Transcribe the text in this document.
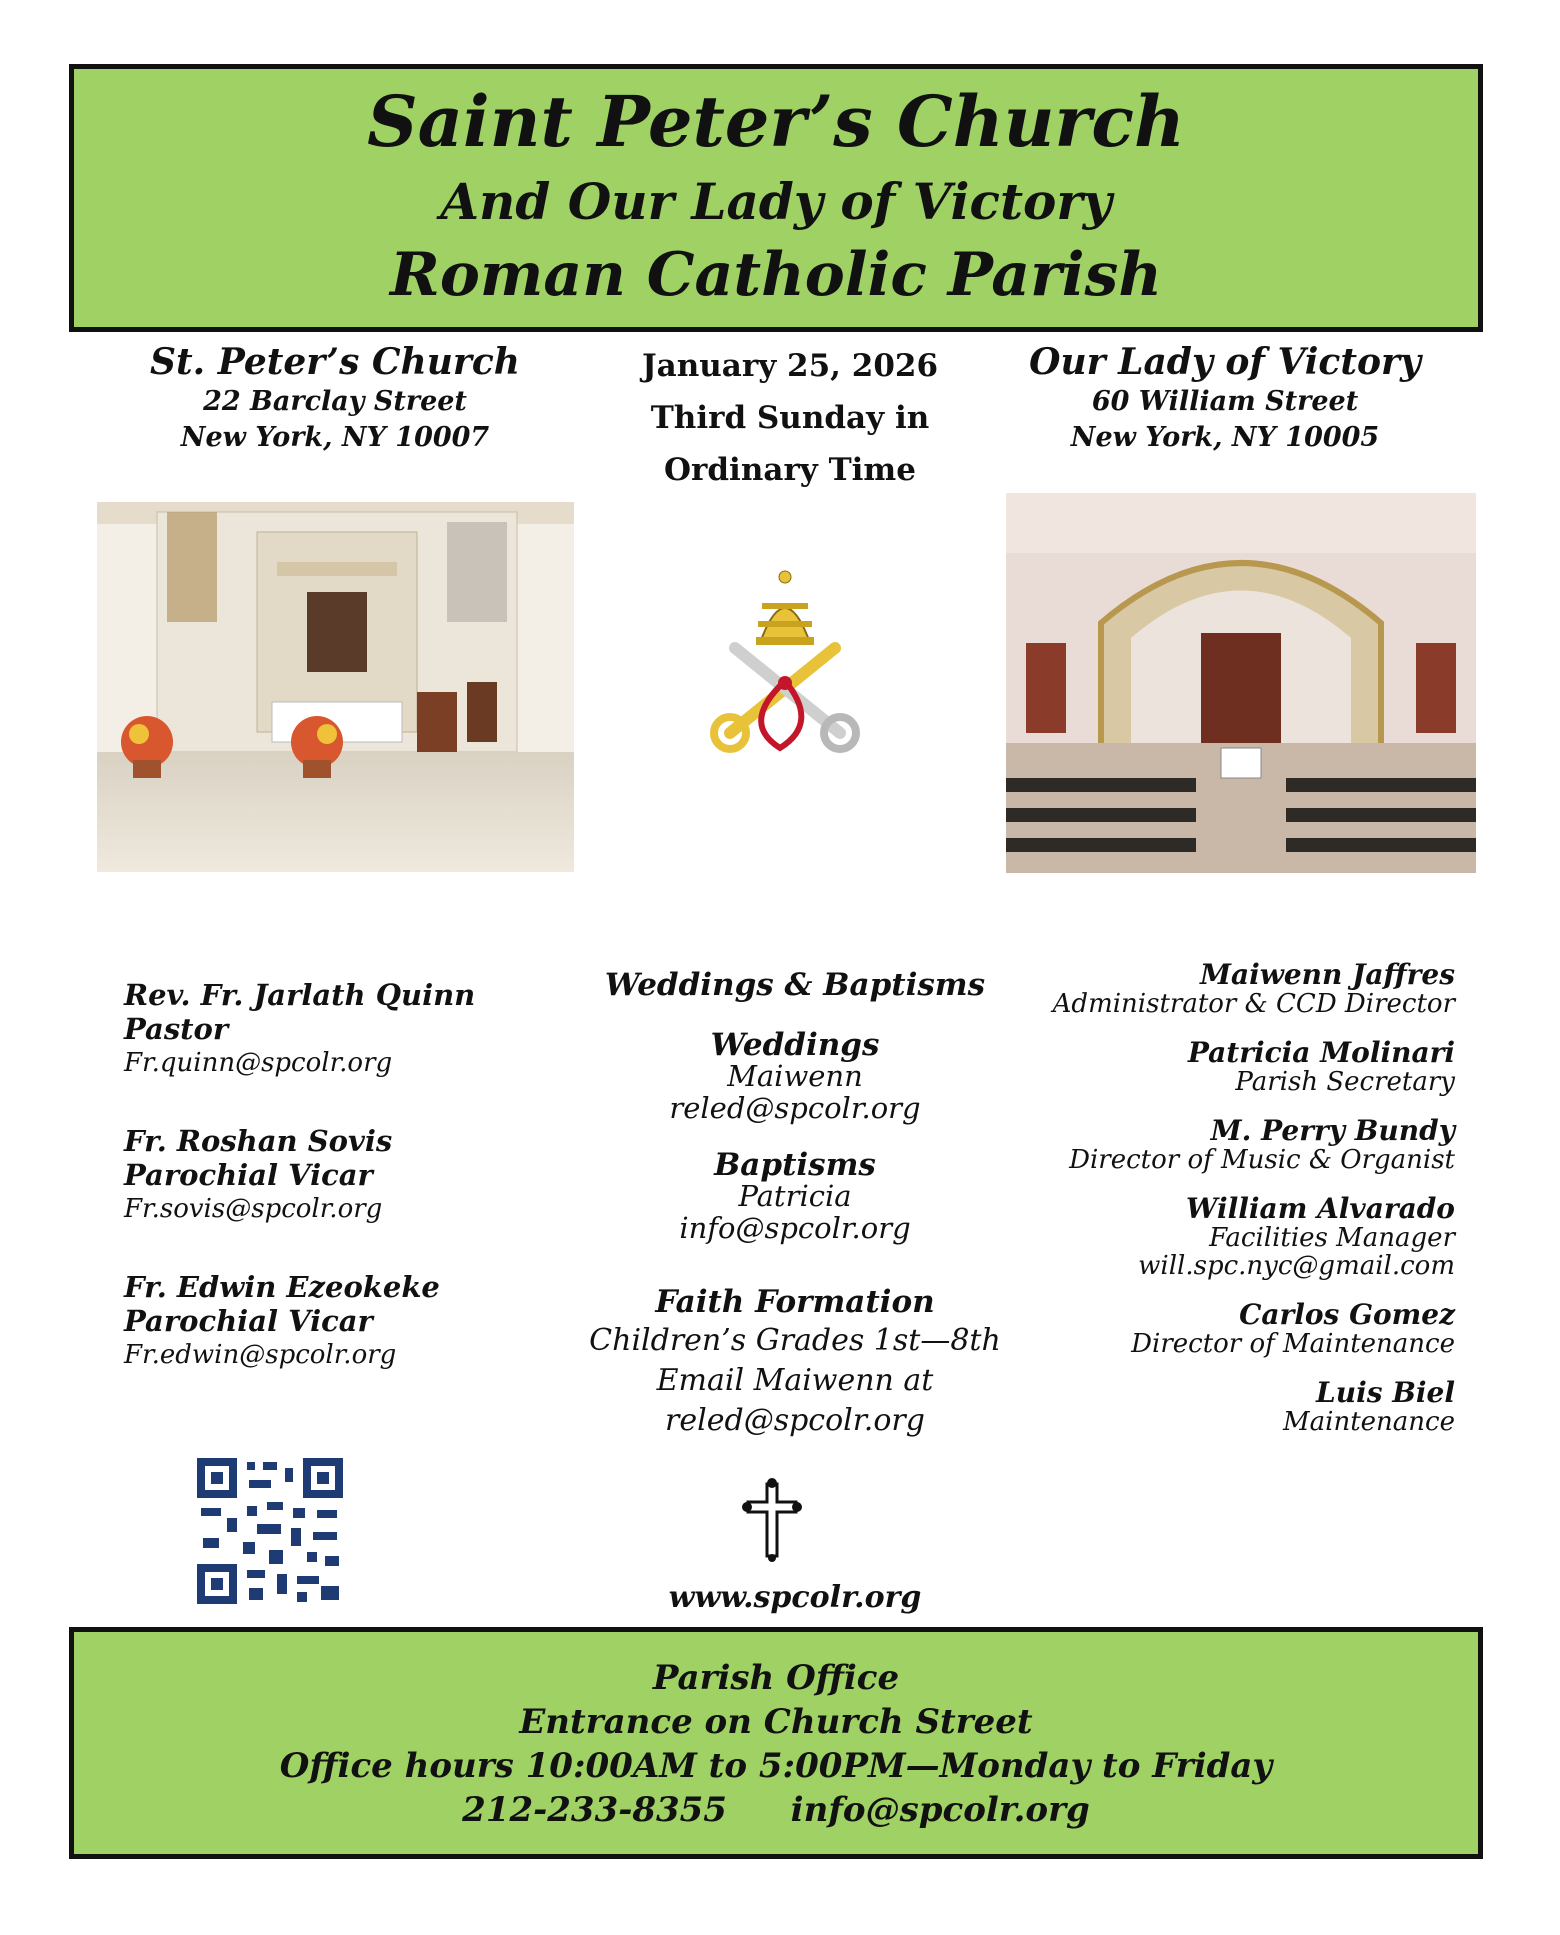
Saint Peter’s Church
And Our Lady of Victory
Roman Catholic Parish
St. Peter’s Church
22 Barclay Street
New York, NY 10007
January 25, 2026
Third Sunday in
Ordinary Time
Our Lady of Victory
60 William Street
New York, NY 10005
Rev. Fr. Jarlath Quinn
Pastor
Fr.quinn@spcolr.org
Fr. Roshan Sovis
Parochial Vicar
Fr.sovis@spcolr.org
Fr. Edwin Ezeokeke
Parochial Vicar
Fr.edwin@spcolr.org
Weddings & Baptisms
Weddings
Maiwenn
reled@spcolr.org
Baptisms
Patricia
info@spcolr.org
Faith Formation
Children’s Grades 1st—8th
Email Maiwenn at
reled@spcolr.org
www.spcolr.org
Maiwenn Jaffres
Administrator & CCD Director
Patricia Molinari
Parish Secretary
M. Perry Bundy
Director of Music & Organist
William Alvarado
Facilities Manager
will.spc.nyc@gmail.com
Carlos Gomez
Director of Maintenance
Luis Biel
Maintenance
Parish Office
Entrance on Church Street
Office hours 10:00AM to 5:00PM—Monday to Friday
212-233-8355 info@spcolr.org
